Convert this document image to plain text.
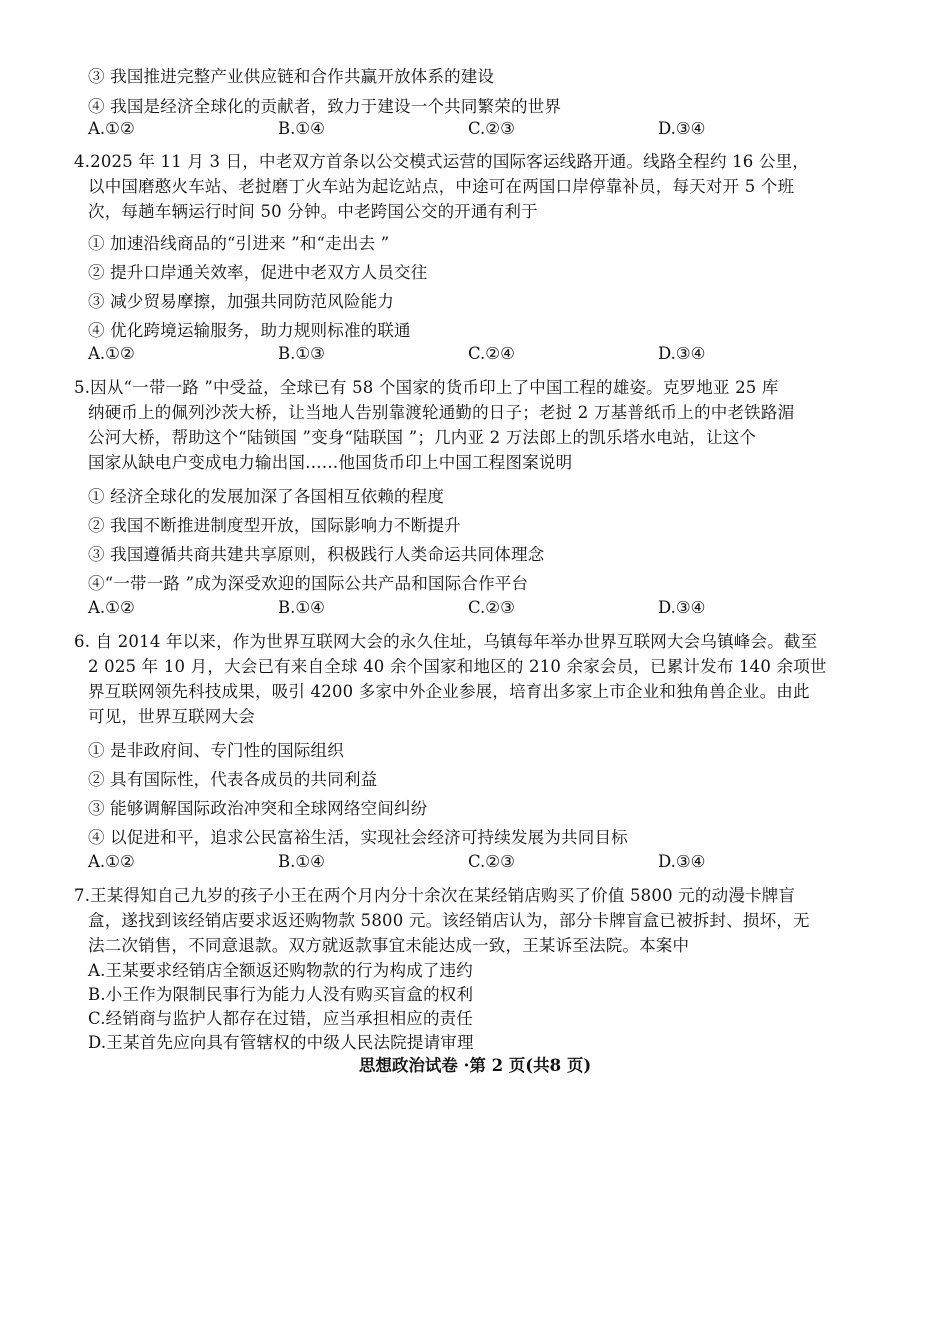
③ 我国推进完整产业供应链和合作共赢开放体系的建设
④ 我国是经济全球化的贡献者，致力于建设一个共同繁荣的世界
A.①②	B.①④	C.②③	D.③④
4.2025 年 11 月 3 日，中老双方首条以公交模式运营的国际客运线路开通。线路全程约 16 公里，
以中国磨憨火车站、老挝磨丁火车站为起讫站点，中途可在两国口岸停靠补员，每天对开 5 个班
次，每趟车辆运行时间 50 分钟。中老跨国公交的开通有利于
① 加速沿线商品的“引进来 ”和“走出去 ”
② 提升口岸通关效率，促进中老双方人员交往
③ 减少贸易摩擦，加强共同防范风险能力
④ 优化跨境运输服务，助力规则标准的联通
A.①②	B.①③	C.②④	D.③④
5.因从“一带一路 ”中受益，全球已有 58 个国家的货币印上了中国工程的雄姿。克罗地亚 25 库
纳硬币上的佩列沙茨大桥，让当地人告别靠渡轮通勤的日子；老挝 2 万基普纸币上的中老铁路湄
公河大桥，帮助这个“陆锁国 ”变身“陆联国 ”；几内亚 2 万法郎上的凯乐塔水电站，让这个
国家从缺电户变成电力输出国……他国货币印上中国工程图案说明
① 经济全球化的发展加深了各国相互依赖的程度
② 我国不断推进制度型开放，国际影响力不断提升
③ 我国遵循共商共建共享原则，积极践行人类命运共同体理念
④“一带一路 ”成为深受欢迎的国际公共产品和国际合作平台
A.①②	B.①④	C.②③	D.③④
6. 自 2014 年以来，作为世界互联网大会的永久住址，乌镇每年举办世界互联网大会乌镇峰会。截至
2 025 年 10 月，大会已有来自全球 40 余个国家和地区的 210 余家会员，已累计发布 140 余项世
界互联网领先科技成果，吸引 4200 多家中外企业参展，培育出多家上市企业和独角兽企业。由此
可见，世界互联网大会
① 是非政府间、专门性的国际组织
② 具有国际性，代表各成员的共同利益
③ 能够调解国际政治冲突和全球网络空间纠纷
④ 以促进和平，追求公民富裕生活，实现社会经济可持续发展为共同目标
A.①②	B.①④	C.②③	D.③④
7.王某得知自己九岁的孩子小王在两个月内分十余次在某经销店购买了价值 5800 元的动漫卡牌盲
盒，遂找到该经销店要求返还购物款 5800 元。该经销店认为，部分卡牌盲盒已被拆封、损坏，无
法二次销售，不同意退款。双方就返款事宜未能达成一致，王某诉至法院。本案中
A.王某要求经销店全额返还购物款的行为构成了违约
B.小王作为限制民事行为能力人没有购买盲盒的权利
C.经销商与监护人都存在过错，应当承担相应的责任
D.王某首先应向具有管辖权的中级人民法院提请审理
思想政治试卷 ·第 2 页(共8 页)
